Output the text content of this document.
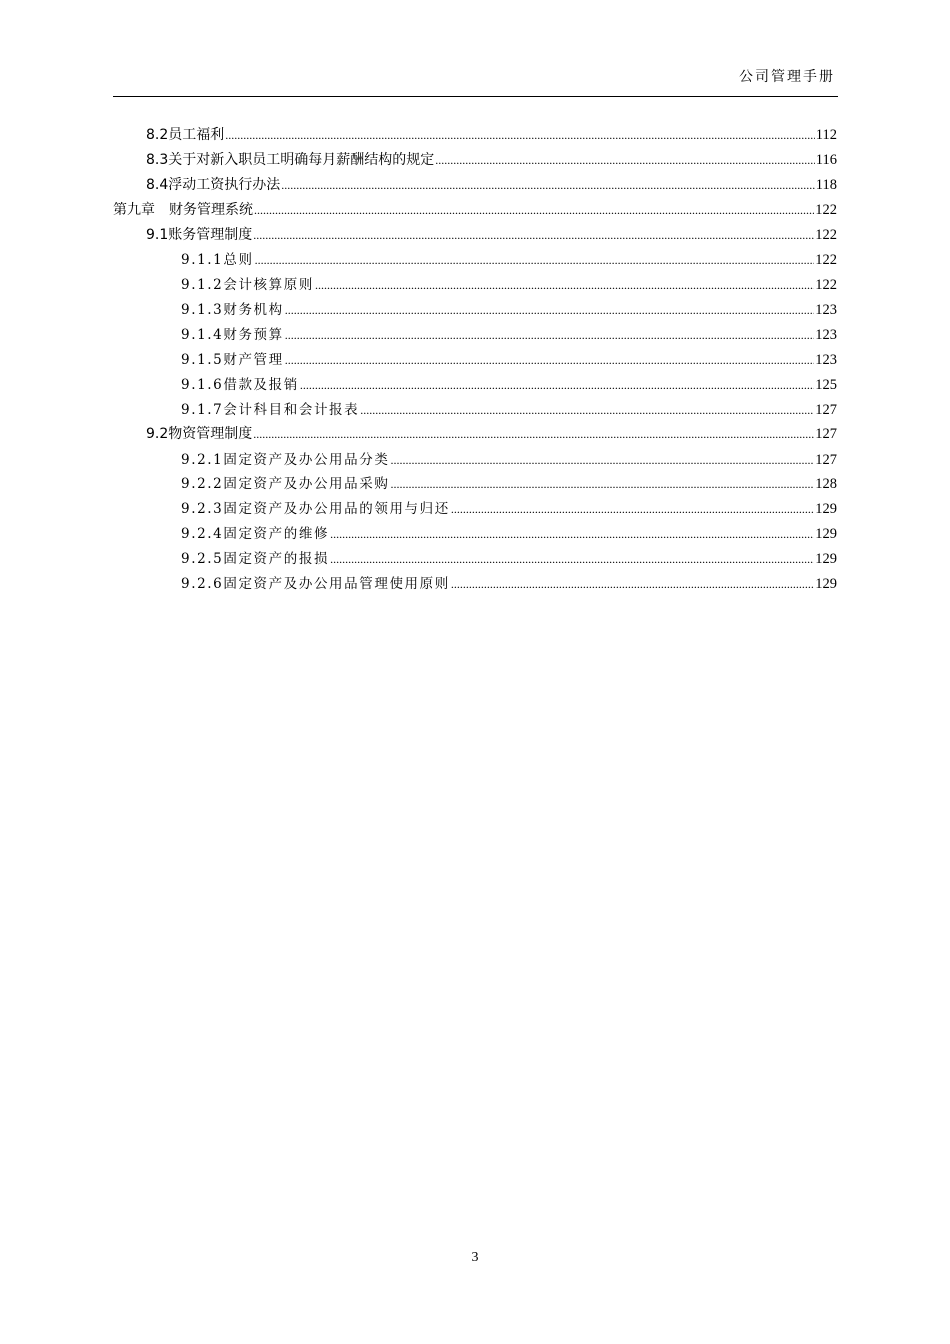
公司管理手册
8.2员工福利 .....	112
8.3关于对新入职员工明确每月薪酬结构的规定 .....	116
8.4浮动工资执行办法 .....	118
第九章　财务管理系统 .....	122
9.1账务管理制度 .....	122
9.1.1总则 .....	122
9.1.2会计核算原则 .....	122
9.1.3财务机构 .....	123
9.1.4财务预算 .....	123
9.1.5财产管理 .....	123
9.1.6借款及报销 .....	125
9.1.7会计科目和会计报表 .....	127
9.2物资管理制度 .....	127
9.2.1固定资产及办公用品分类 .....	127
9.2.2固定资产及办公用品采购 .....	128
9.2.3固定资产及办公用品的领用与归还 .....	129
9.2.4固定资产的维修 .....	129
9.2.5固定资产的报损 .....	129
9.2.6固定资产及办公用品管理使用原则 .....	129
3
